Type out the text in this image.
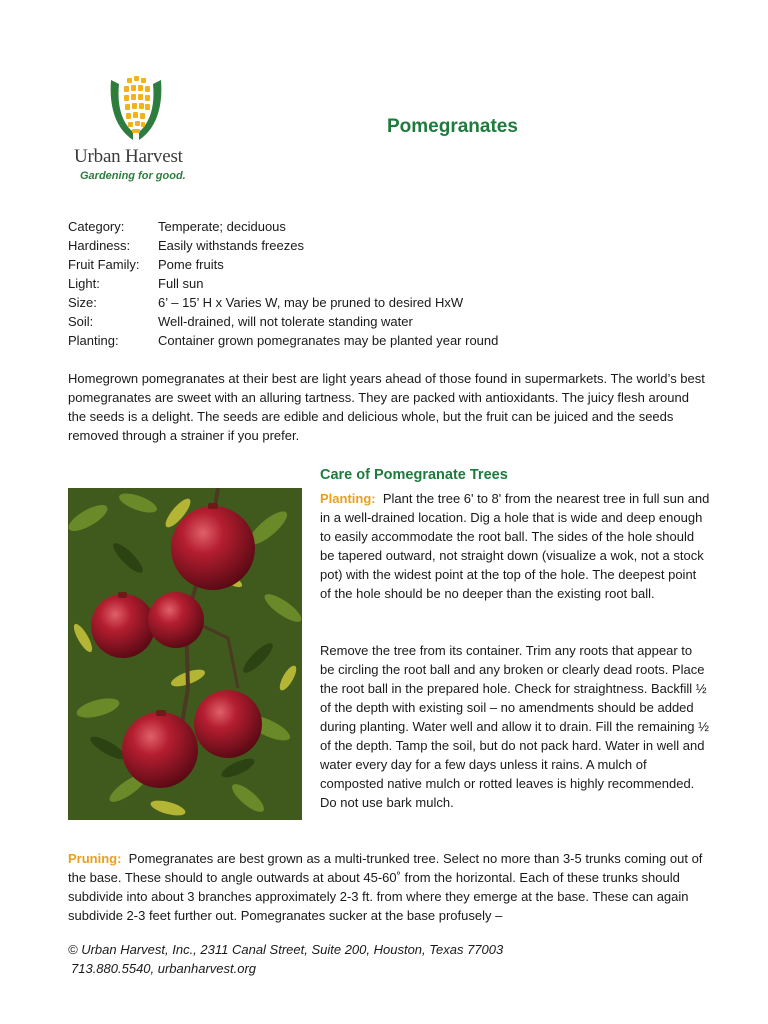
Urban Harvest
Gardening for good.
Pomegranates
Category:	Temperate; deciduous
Hardiness: Easily withstands freezes
Fruit Family: Pome fruits
Light:	Full sun
Size:	6’ – 15’ H x Varies W, may be pruned to desired HxW
Soil:	Well-drained, will not tolerate standing water
Planting:	Container grown pomegranates may be planted year round

Homegrown pomegranates at their best are light years ahead of those found in supermarkets. The world’s best pomegranates are sweet with an alluring tartness. They are packed with antioxidants. The juicy flesh around the seeds is a delight. The seeds are edible and delicious whole, but the fruit can be juiced and the seeds removed through a strainer if you prefer.

Care of Pomegranate Trees

Planting: Plant the tree 6' to 8' from the nearest tree in full sun and in a well-drained location. Dig a hole that is wide and deep enough to easily accommodate the root ball. The sides of the hole should be tapered outward, not straight down (visualize a wok, not a stock pot) with the widest point at the top of the hole. The deepest point of the hole should be no deeper than the existing root ball.

Remove the tree from its container. Trim any roots that appear to be circling the root ball and any broken or clearly dead roots. Place the root ball in the prepared hole. Check for straightness. Backfill ½ of the depth with existing soil – no amendments should be added during planting. Water well and allow it to drain. Fill the remaining ½ of the depth. Tamp the soil, but do not pack hard. Water in well and water every day for a few days unless it rains. A mulch of composted native mulch or rotted leaves is highly recommended. Do not use bark mulch.

Pruning: Pomegranates are best grown as a multi-trunked tree. Select no more than 3-5 trunks coming out of the base. These should to angle outwards at about 45-60˚ from the horizontal. Each of these trunks should subdivide into about 3 branches approximately 2-3 ft. from where they emerge at the base. These can again subdivide 2-3 feet further out. Pomegranates sucker at the base profusely –

© Urban Harvest, Inc., 2311 Canal Street, Suite 200, Houston, Texas 77003
713.880.5540, urbanharvest.org
